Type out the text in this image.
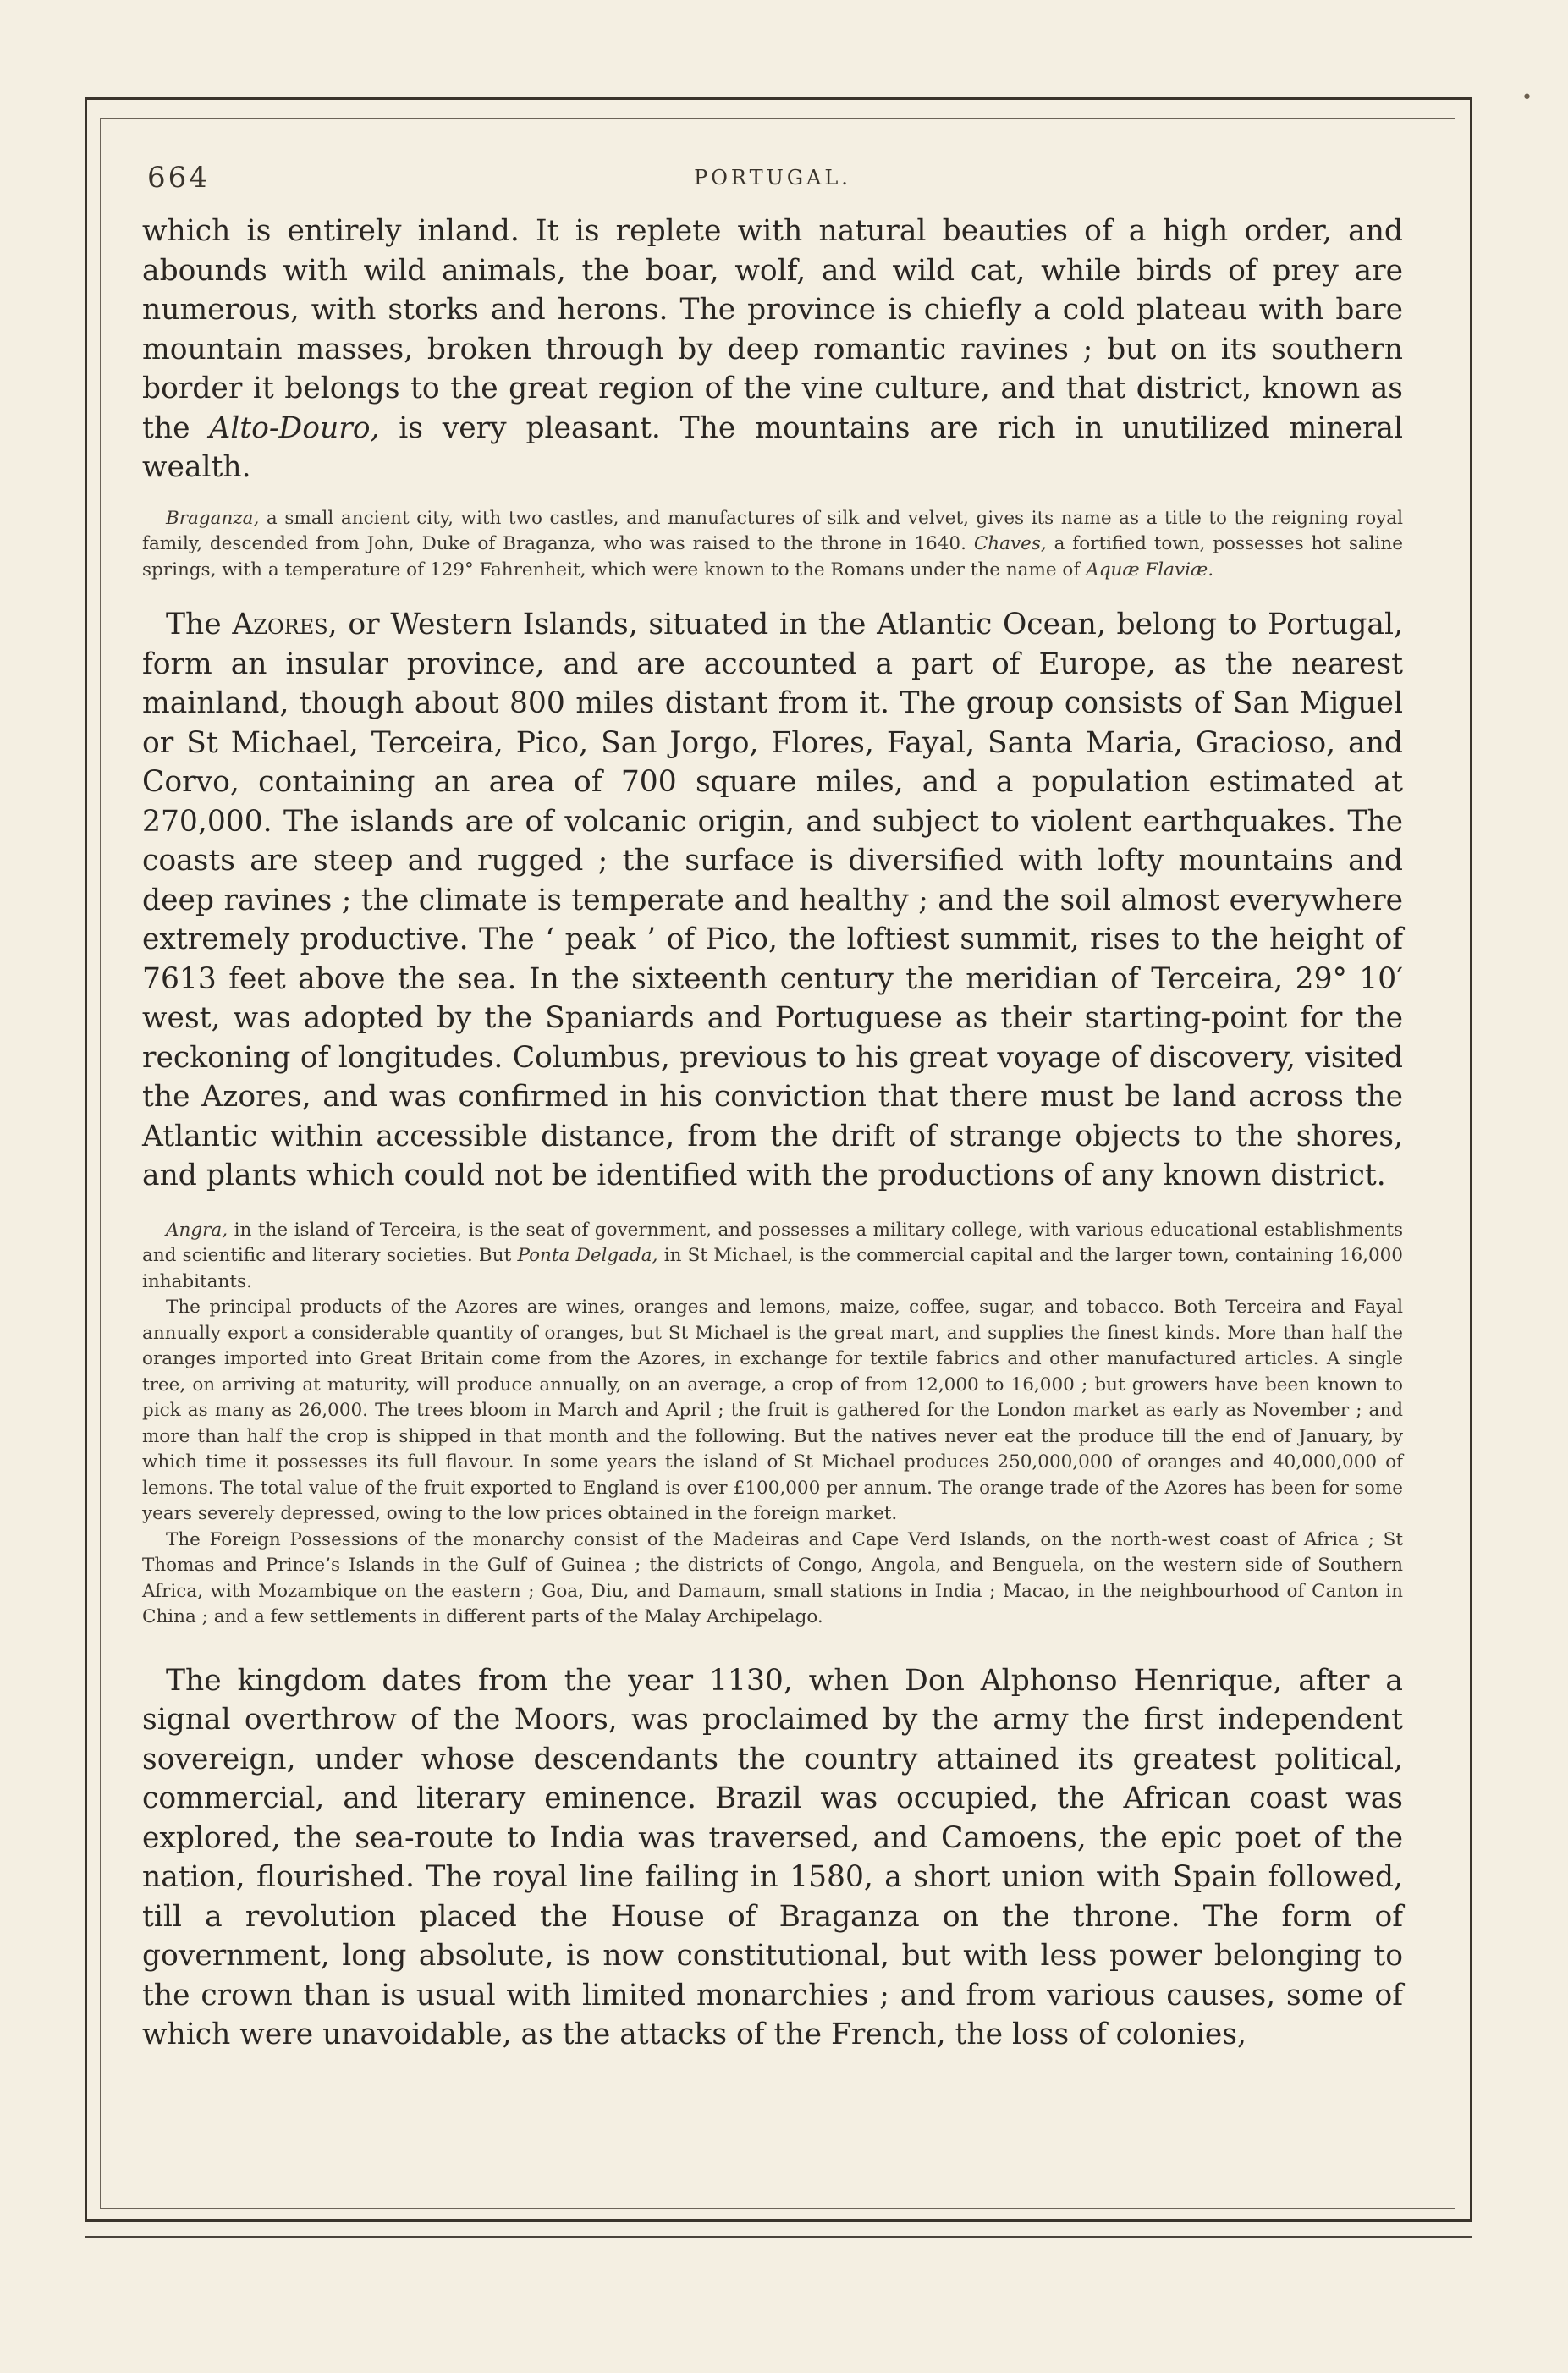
•
664	PORTUGAL.

which is entirely inland. It is replete with natural beauties of a high order, and abounds with wild animals, the boar, wolf, and wild cat, while birds of prey are numerous, with storks and herons. The province is chiefly a cold plateau with bare mountain masses, broken through by deep romantic ravines ; but on its southern border it belongs to the great region of the vine culture, and that district, known as the Alto-Douro, is very pleasant. The mountains are rich in unutilized mineral wealth.

Braganza, a small ancient city, with two castles, and manufactures of silk and velvet, gives its name as a title to the reigning royal family, descended from John, Duke of Braganza, who was raised to the throne in 1640. Chaves, a fortified town, possesses hot saline springs, with a temperature of 129° Fahrenheit, which were known to the Romans under the name of Aquæ Flaviæ.

The Azores, or Western Islands, situated in the Atlantic Ocean, belong to Portugal, form an insular province, and are accounted a part of Europe, as the nearest mainland, though about 800 miles distant from it. The group consists of San Miguel or St Michael, Terceira, Pico, San Jorgo, Flores, Fayal, Santa Maria, Gracioso, and Corvo, containing an area of 700 square miles, and a population estimated at 270,000. The islands are of volcanic origin, and subject to violent earthquakes. The coasts are steep and rugged ; the surface is diversified with lofty mountains and deep ravines ; the climate is temperate and healthy ; and the soil almost everywhere extremely productive. The ‘ peak ’ of Pico, the loftiest summit, rises to the height of 7613 feet above the sea. In the sixteenth century the meridian of Terceira, 29° 10′ west, was adopted by the Spaniards and Portuguese as their starting-point for the reckoning of longitudes. Columbus, previous to his great voyage of discovery, visited the Azores, and was confirmed in his conviction that there must be land across the Atlantic within accessible distance, from the drift of strange objects to the shores, and plants which could not be identified with the productions of any known district.

Angra, in the island of Terceira, is the seat of government, and possesses a military college, with various educational establishments and scientific and literary societies. But Ponta Delgada, in St Michael, is the commercial capital and the larger town, containing 16,000 inhabitants.

The principal products of the Azores are wines, oranges and lemons, maize, coffee, sugar, and tobacco. Both Terceira and Fayal annually export a considerable quantity of oranges, but St Michael is the great mart, and supplies the finest kinds. More than half the oranges imported into Great Britain come from the Azores, in exchange for textile fabrics and other manufactured articles. A single tree, on arriving at maturity, will produce annually, on an average, a crop of from 12,000 to 16,000 ; but growers have been known to pick as many as 26,000. The trees bloom in March and April ; the fruit is gathered for the London market as early as November ; and more than half the crop is shipped in that month and the following. But the natives never eat the produce till the end of January, by which time it possesses its full flavour. In some years the island of St Michael produces 250,000,000 of oranges and 40,000,000 of lemons. The total value of the fruit exported to England is over £100,000 per annum. The orange trade of the Azores has been for some years severely depressed, owing to the low prices obtained in the foreign market.

The Foreign Possessions of the monarchy consist of the Madeiras and Cape Verd Islands, on the north-west coast of Africa ; St Thomas and Prince’s Islands in the Gulf of Guinea ; the districts of Congo, Angola, and Benguela, on the western side of Southern Africa, with Mozambique on the eastern ; Goa, Diu, and Damaum, small stations in India ; Macao, in the neighbourhood of Canton in China ; and a few settlements in different parts of the Malay Archipelago.

The kingdom dates from the year 1130, when Don Alphonso Henrique, after a signal overthrow of the Moors, was proclaimed by the army the first independent sovereign, under whose descendants the country attained its greatest political, commercial, and literary eminence. Brazil was occupied, the African coast was explored, the sea-route to India was traversed, and Camoens, the epic poet of the nation, flourished. The royal line failing in 1580, a short union with Spain followed, till a revolution placed the House of Braganza on the throne. The form of government, long absolute, is now constitutional, but with less power belonging to the crown than is usual with limited monarchies ; and from various causes, some of which were unavoidable, as the attacks of the French, the loss of colonies,
